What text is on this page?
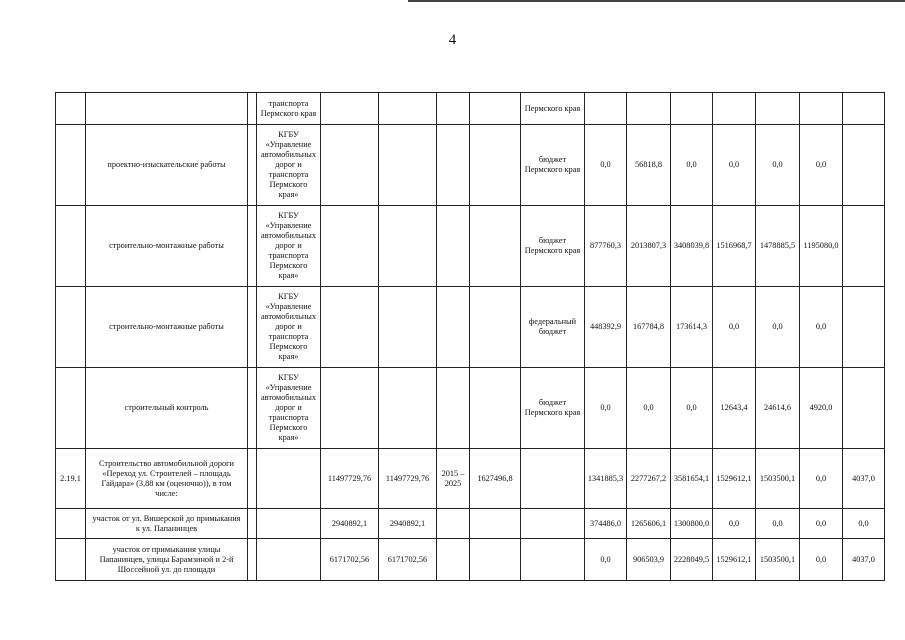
4
			транспорта Пермского края					Пермского края							
	проектно-изыскательские работы		КГБУ «Управление автомобильных дорог и транспорта Пермского края»					бюджет Пермского края	0,0	56818,8	0,0	0,0	0,0	0,0	
	строительно-монтажные работы		КГБУ «Управление автомобильных дорог и транспорта Пермского края»					бюджет Пермского края	877760,3	2013807,3	3408039,8	1516968,7	1478885,5	1195080,0	
	строительно-монтажные работы		КГБУ «Управление автомобильных дорог и транспорта Пермского края»					федеральный бюджет	448392,9	167784,8	173614,3	0,0	0,0	0,0	
	строительный контроль		КГБУ «Управление автомобильных дорог и транспорта Пермского края»					бюджет Пермского края	0,0	0,0	0,0	12643,4	24614,6	4920,0	
2.19.1	Строительство автомобильной дороги «Переход ул. Строителей – площадь Гайдара» (3,88 км (оценочно)), в том числе:			11497729,76	11497729,76	2015 – 2025	1627496,8		1341885,3	2277267,2	3581654,1	1529612,1	1503500,1	0,0	4037,0
	участок от ул. Вишерской до примыкания к ул. Папанинцев			2940892,1	2940892,1				374486,0	1265606,1	1300800,0	0,0	0,0	0,0	0,0
	участок от примыкания улицы Папанинцев, улицы Барамзиной и 2-й Шоссейной ул. до площади			6171702,56	6171702,56				0,0	906503,9	2228049,5	1529612,1	1503500,1	0,0	4037,0
